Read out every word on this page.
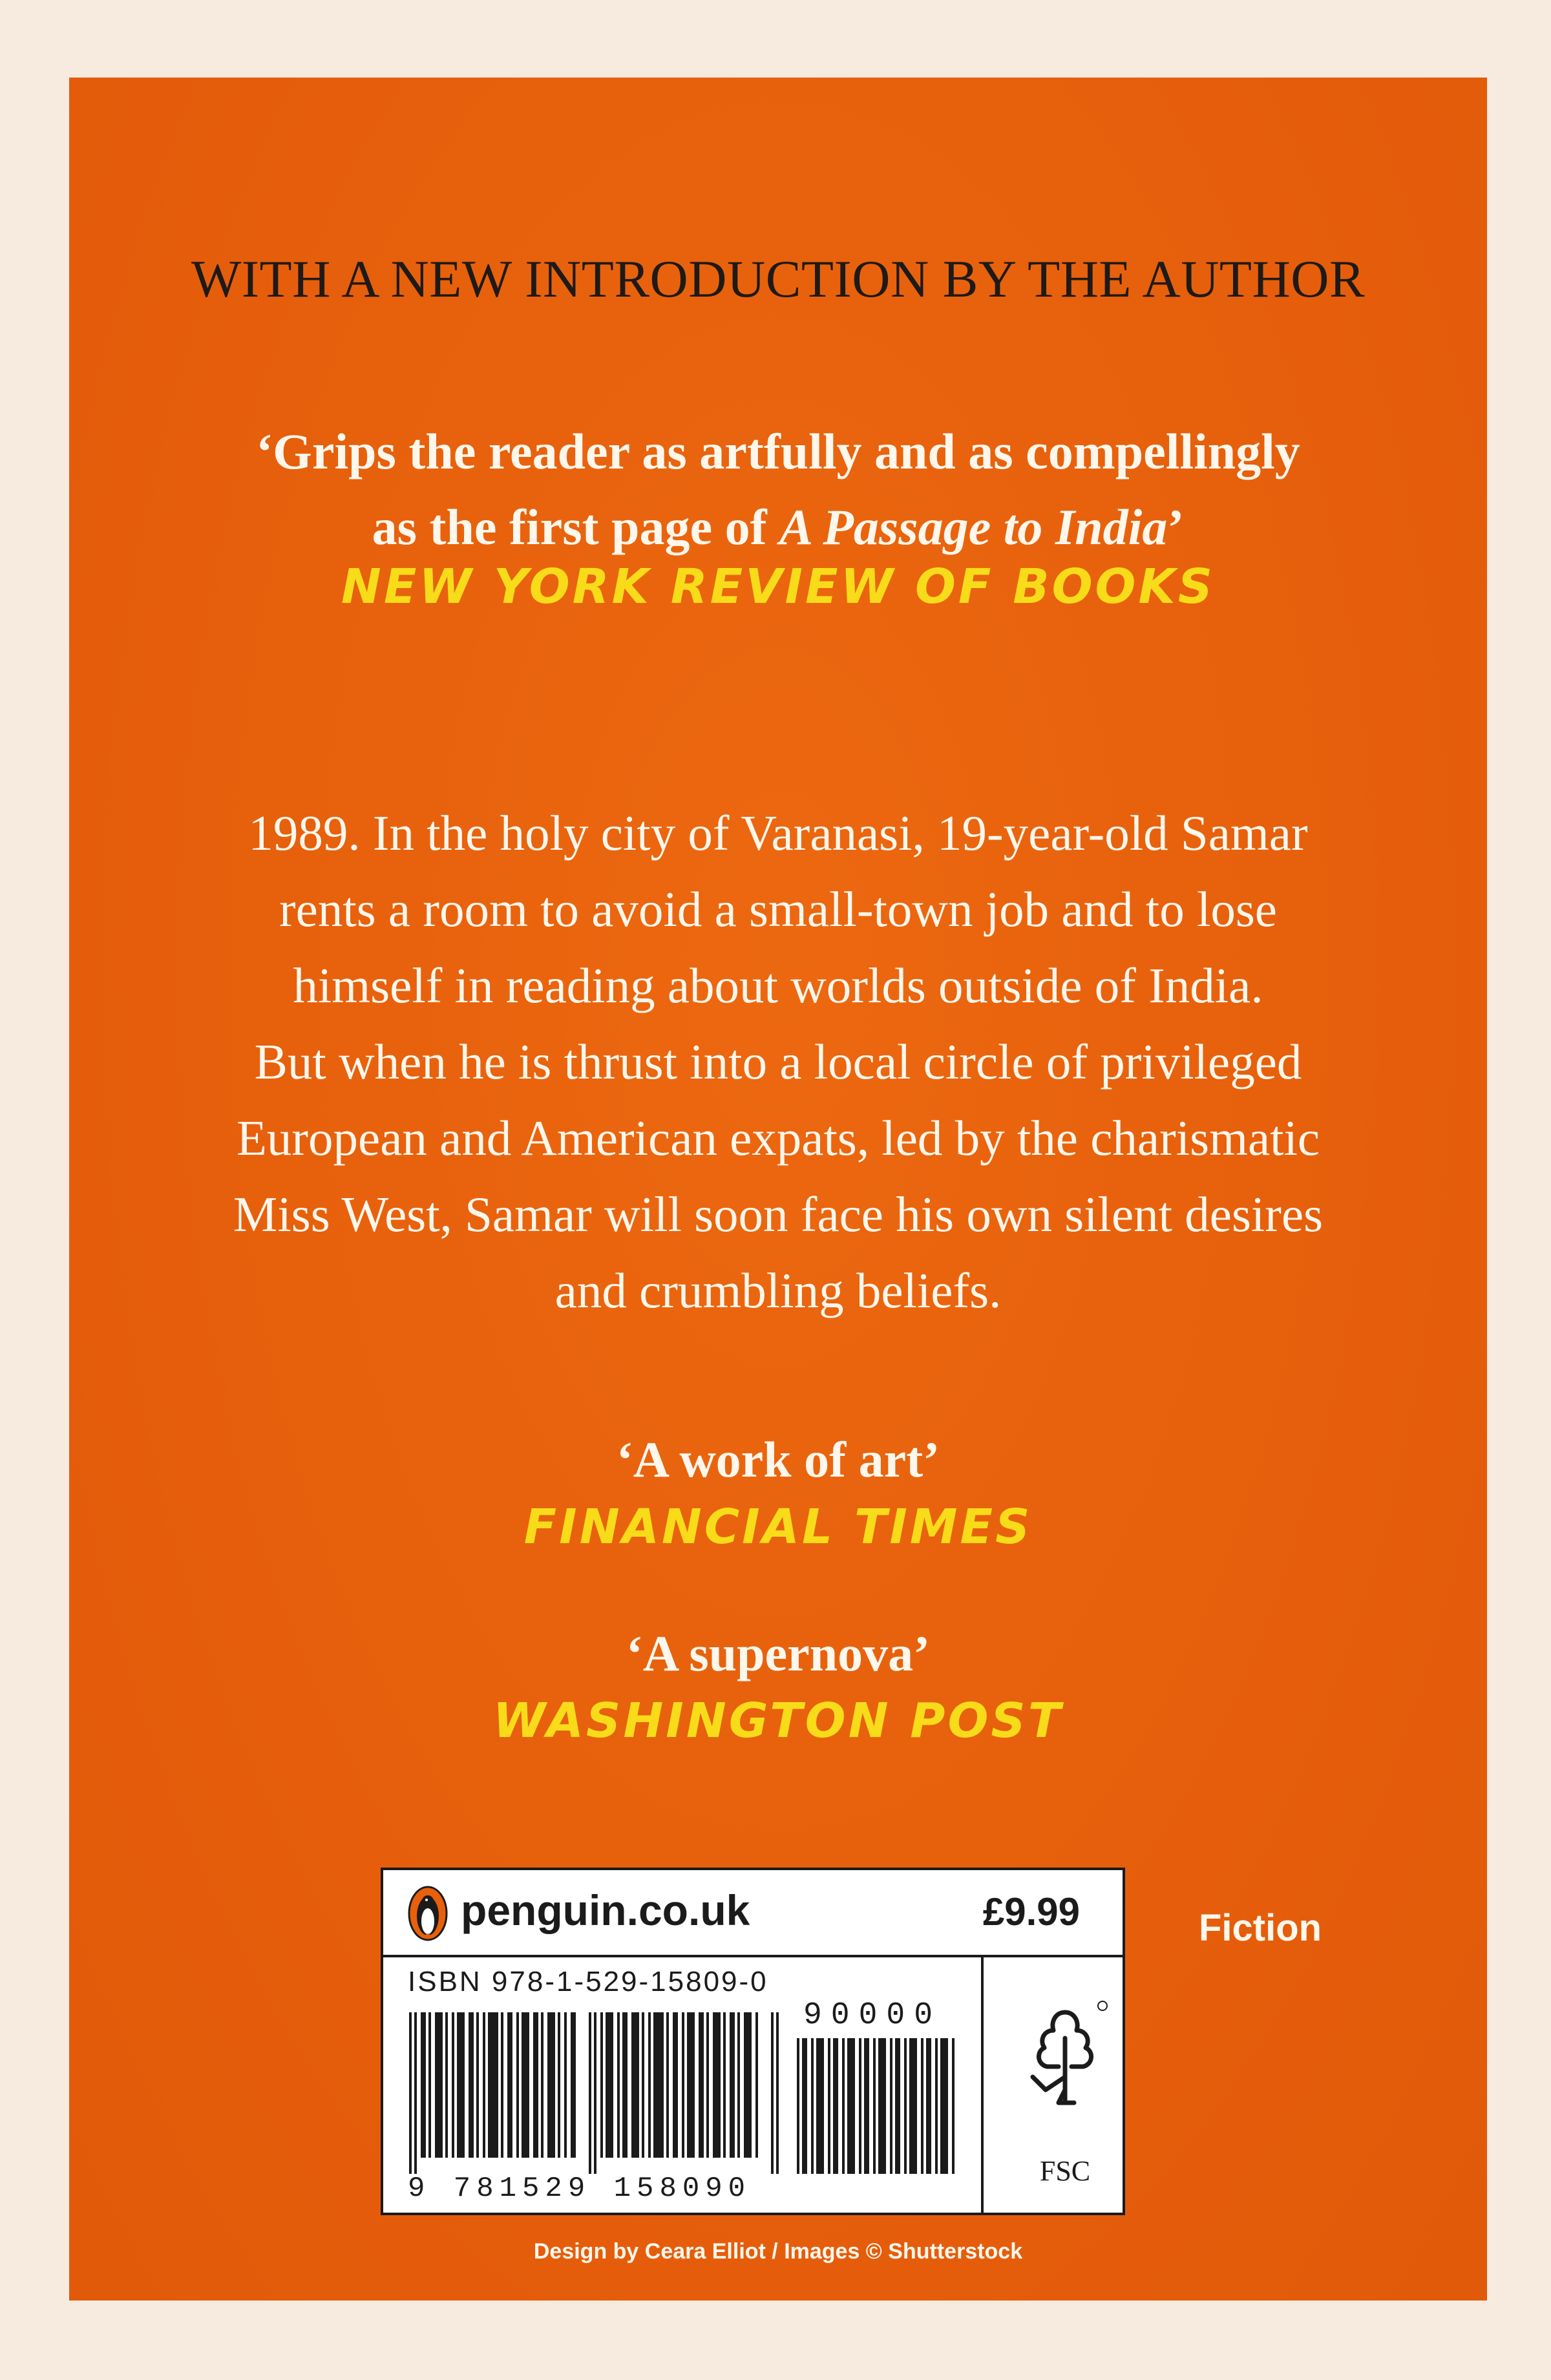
WITH A NEW INTRODUCTION BY THE AUTHOR
‘Grips the reader as artfully and as compellingly
as the first page of A Passage to India’
NEW YORK REVIEW OF BOOKS

1989. In the holy city of Varanasi, 19-year-old Samar

rents a room to avoid a small-town job and to lose

himself in reading about worlds outside of India.

But when he is thrust into a local circle of privileged

European and American expats, led by the charismatic

Miss West, Samar will soon face his own silent desires

and crumbling beliefs.

‘A work of art’
FINANCIAL TIMES
‘A supernova’
WASHINGTON POST
penguin.co.uk	£9.99
ISBN 978-1-529-15809-0
90000
9 781529 158090
FSC
Fiction
Design by Ceara Elliot / Images © Shutterstock
